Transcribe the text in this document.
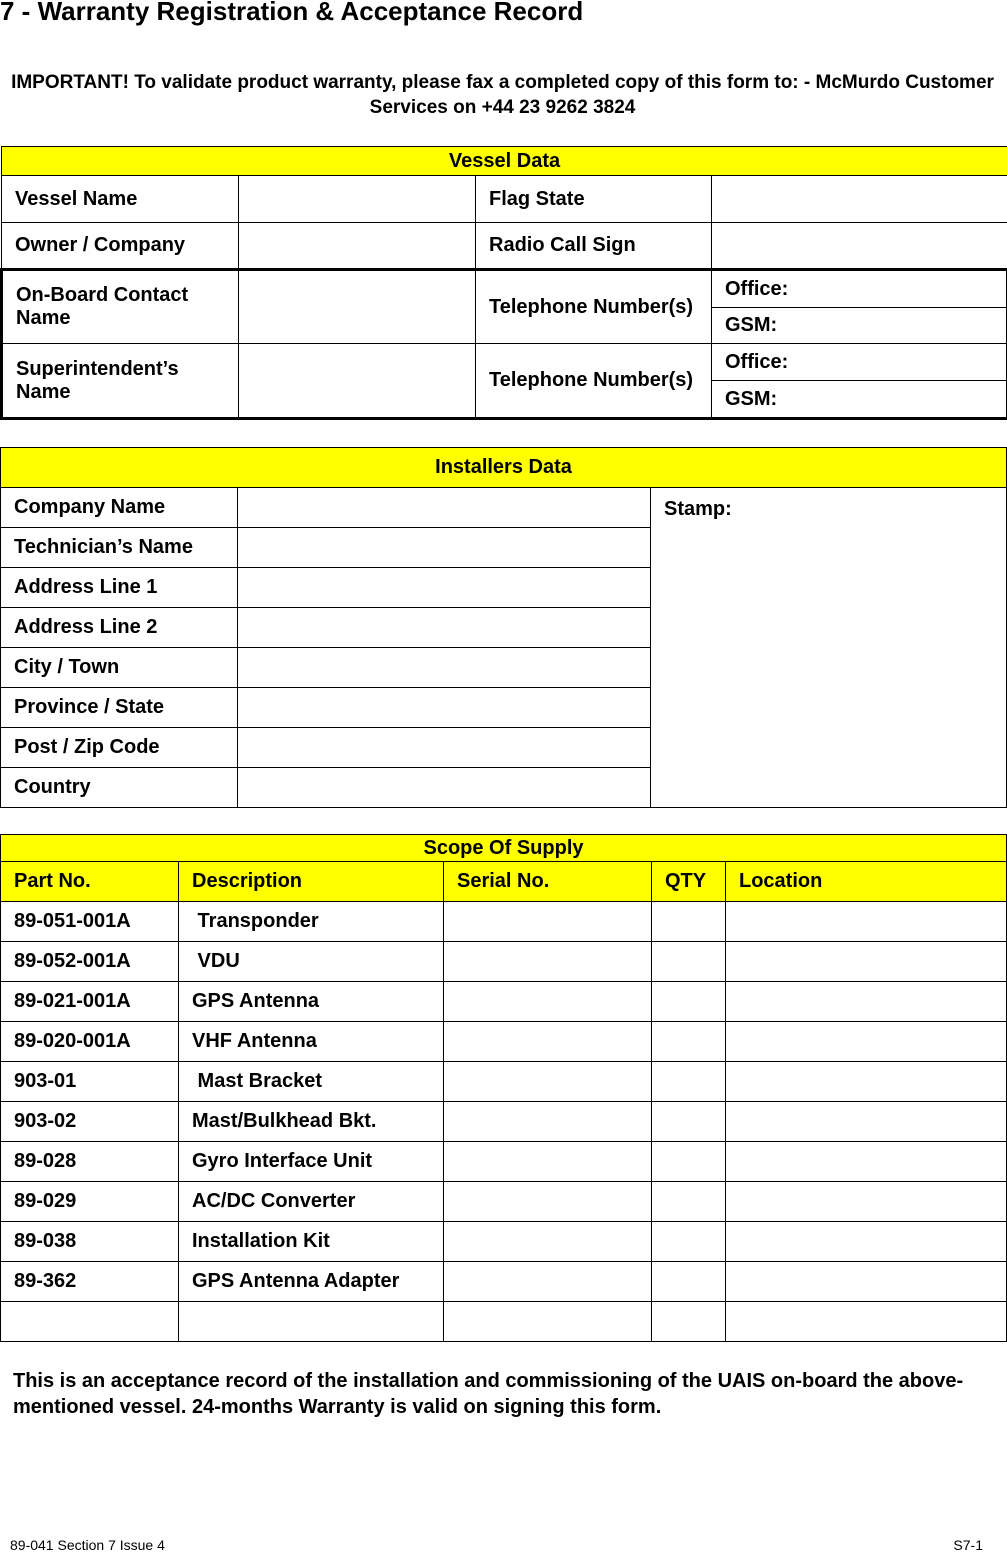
7 - Warranty Registration & Acceptance Record
IMPORTANT! To validate product warranty, please fax a completed copy of this form to: - McMurdo Customer Services on +44 23 9262 3824
Vessel Data			
Vessel Name		Flag State	
Owner / Company		Radio Call Sign	
On-Board Contact Name		Telephone Number(s)	Office:
			GSM:
Superintendent’s Name		Telephone Number(s)	Office:
			GSM:
Installers Data		
Company Name		Stamp:
Technician’s Name		
Address Line 1		
Address Line 2		
City / Town		
Province / State		
Post / Zip Code		
Country		
Scope Of Supply				
Part No.	Description	Serial No.	QTY	Location
89-051-001A	Transponder			
89-052-001A	VDU			
89-021-001A	GPS Antenna			
89-020-001A	VHF Antenna			
903-01	Mast Bracket			
903-02	Mast/Bulkhead Bkt.			
89-028	Gyro Interface Unit			
89-029	AC/DC Converter			
89-038	Installation Kit			
89-362	GPS Antenna Adapter			

This is an acceptance record of the installation and commissioning of the UAIS on-board the above-mentioned vessel. 24-months Warranty is valid on signing this form.
89-041 Section 7 Issue 4	S7-1
